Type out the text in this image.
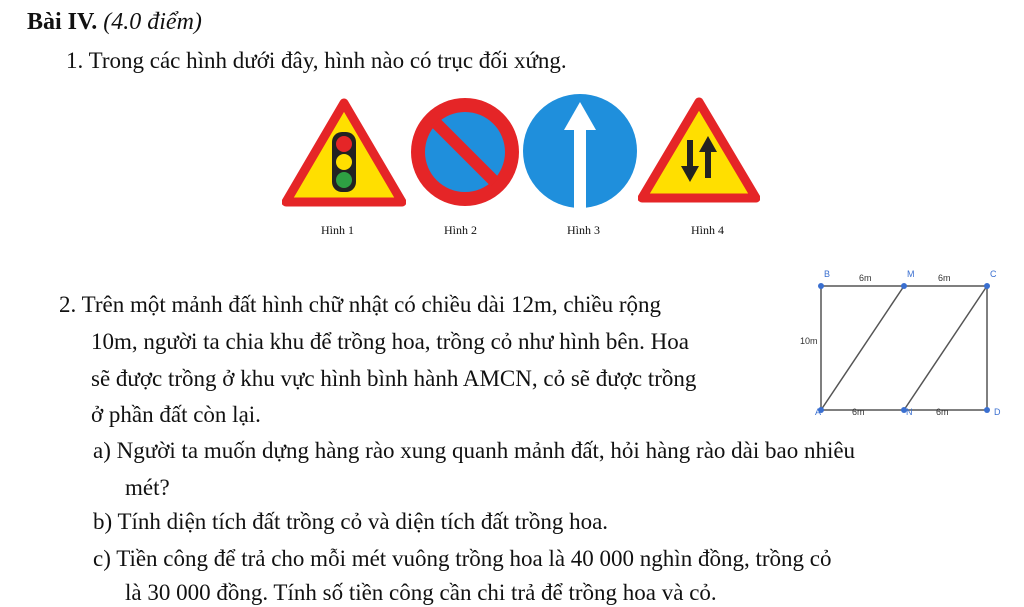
Bài IV. (4.0 điểm)
1. Trong các hình dưới đây, hình nào có trục đối xứng.
Hình 1	Hình 2	Hình 3	Hình 4
2. Trên một mảnh đất hình chữ nhật có chiều dài 12m, chiều rộng
10m, người ta chia khu để trồng hoa, trồng cỏ như hình bên. Hoa
sẽ được trồng ở khu vực hình bình hành AMCN, cỏ sẽ được trồng
ở phần đất còn lại.
a) Người ta muốn dựng hàng rào xung quanh mảnh đất, hỏi hàng rào dài bao nhiêu
mét?
b) Tính diện tích đất trồng cỏ và diện tích đất trồng hoa.
c) Tiền công để trả cho mỗi mét vuông trồng hoa là 40 000 nghìn đồng, trồng cỏ
là 30 000 đồng. Tính số tiền công cần chi trả để trồng hoa và cỏ.
B	M	C
A	N	D
6m	6m
6m	6m
10m
